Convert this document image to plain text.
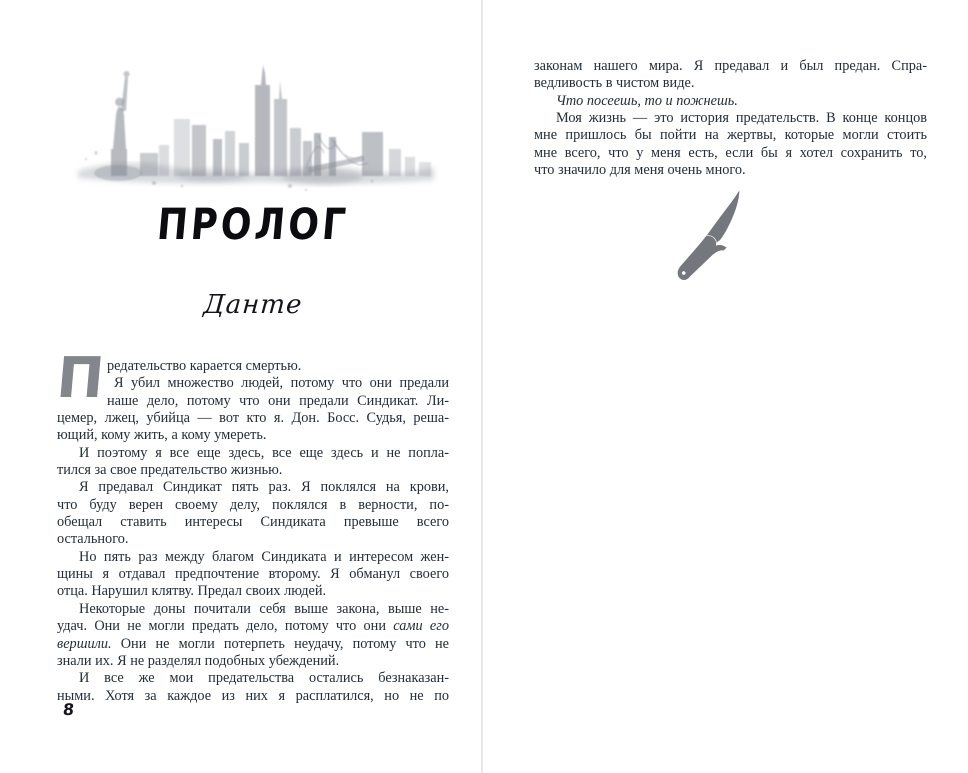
ПРОЛОГ
Данте
П редательство карается смертью.
Я убил множество людей, потому что они предали
наше дело, потому что они предали Синдикат. Ли-
цемер, лжец, убийца — вот кто я. Дон. Босс. Судья, реша-
ющий, кому жить, а кому умереть.
И поэтому я все еще здесь, все еще здесь и не попла-
тился за свое предательство жизнью.
Я предавал Синдикат пять раз. Я поклялся на крови,
что буду верен своему делу, поклялся в верности, по-
обещал ставить интересы Синдиката превыше всего
остального.
Но пять раз между благом Синдиката и интересом жен-
щины я отдавал предпочтение второму. Я обманул своего
отца. Нарушил клятву. Предал своих людей.
Некоторые доны почитали себя выше закона, выше не-
удач. Они не могли предать дело, потому что они сами его
вершили. Они не могли потерпеть неудачу, потому что не
знали их. Я не разделял подобных убеждений.
И все же мои предательства остались безнаказан-
ными. Хотя за каждое из них я расплатился, но не по
8
законам нашего мира. Я предавал и был предан. Спра-
ведливость в чистом виде.
Что посеешь, то и пожнешь.
Моя жизнь — это история предательств. В конце концов
мне пришлось бы пойти на жертвы, которые могли стоить
мне всего, что у меня есть, если бы я хотел сохранить то,
что значило для меня очень много.
